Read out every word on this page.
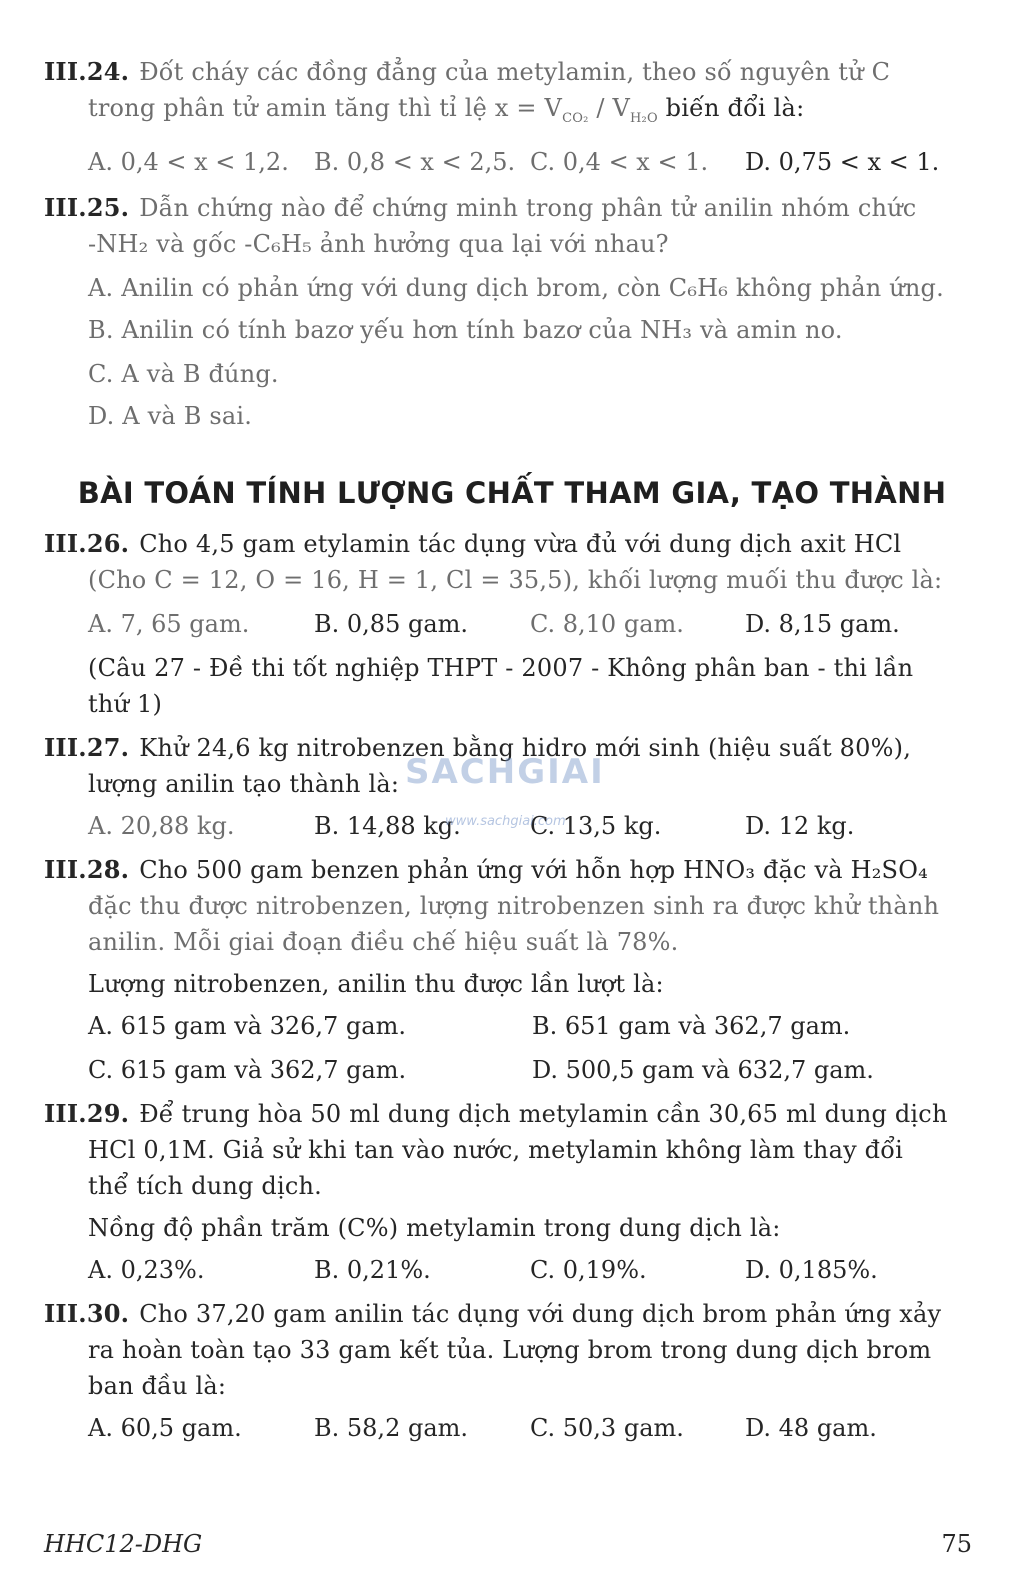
III.24. Đốt cháy các đồng đẳng của metylamin, theo số nguyên tử C
trong phân tử amin tăng thì tỉ lệ $x = V_{CO_2} / V_{H_2O}$ biến đổi là:
A. 0,4 < x < 1,2. B. 0,8 < x < 2,5. C. 0,4 < x < 1. D. 0,75 < x < 1.
III.25. Dẫn chứng nào để chứng minh trong phân tử anilin nhóm chức
-NH₂ và gốc -C₆H₅ ảnh hưởng qua lại với nhau?
A. Anilin có phản ứng với dung dịch brom, còn C₆H₆ không phản ứng.
B. Anilin có tính bazơ yếu hơn tính bazơ của NH₃ và amin no.
C. A và B đúng.
D. A và B sai.
BÀI TOÁN TÍNH LƯỢNG CHẤT THAM GIA, TẠO THÀNH
III.26. Cho 4,5 gam etylamin tác dụng vừa đủ với dung dịch axit HCl
(Cho C = 12, O = 16, H = 1, Cl = 35,5), khối lượng muối thu được là:
A. 7, 65 gam.	B. 0,85 gam.	C. 8,10 gam.	D. 8,15 gam.
(Câu 27 - Đề thi tốt nghiệp THPT - 2007 - Không phân ban - thi lần
thứ 1)
III.27. Khử 24,6 kg nitrobenzen bằng hidro mới sinh (hiệu suất 80%),
lượng anilin tạo thành là:
A. 20,88 kg.	B. 14,88 kg.	C. 13,5 kg.	D. 12 kg.
SACHGIAI
www.sachgiai.com
III.28. Cho 500 gam benzen phản ứng với hỗn hợp HNO₃ đặc và H₂SO₄
đặc thu được nitrobenzen, lượng nitrobenzen sinh ra được khử thành
anilin. Mỗi giai đoạn điều chế hiệu suất là 78%.
Lượng nitrobenzen, anilin thu được lần lượt là:
A. 615 gam và 326,7 gam.	B. 651 gam và 362,7 gam.
C. 615 gam và 362,7 gam.	D. 500,5 gam và 632,7 gam.
III.29. Để trung hòa 50 ml dung dịch metylamin cần 30,65 ml dung dịch
HCl 0,1M. Giả sử khi tan vào nước, metylamin không làm thay đổi
thể tích dung dịch.
Nồng độ phần trăm (C%) metylamin trong dung dịch là:
A. 0,23%.	B. 0,21%.	C. 0,19%.	D. 0,185%.
III.30. Cho 37,20 gam anilin tác dụng với dung dịch brom phản ứng xảy
ra hoàn toàn tạo 33 gam kết tủa. Lượng brom trong dung dịch brom
ban đầu là:
A. 60,5 gam.	B. 58,2 gam.	C. 50,3 gam.	D. 48 gam.
HHC12-DHG	75
